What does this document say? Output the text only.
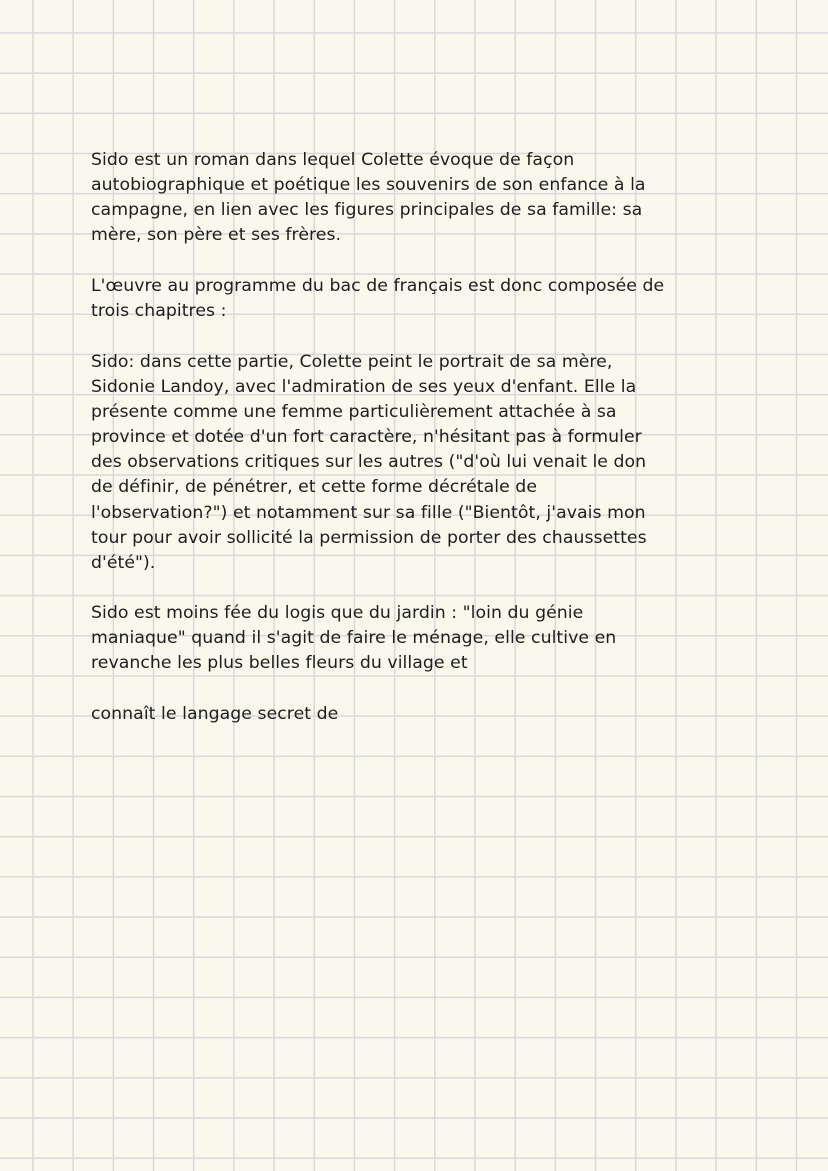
Sido est un roman dans lequel Colette évoque de façon
autobiographique et poétique les souvenirs de son enfance à la
campagne, en lien avec les figures principales de sa famille: sa
mère, son père et ses frères.
L'œuvre au programme du bac de français est donc composée de
trois chapitres :
Sido: dans cette partie, Colette peint le portrait de sa mère,
Sidonie Landoy, avec l'admiration de ses yeux d'enfant. Elle la
présente comme une femme particulièrement attachée à sa
province et dotée d'un fort caractère, n'hésitant pas à formuler
des observations critiques sur les autres ("d'où lui venait le don
de définir, de pénétrer, et cette forme décrétale de
l'observation?") et notamment sur sa fille ("Bientôt, j'avais mon
tour pour avoir sollicité la permission de porter des chaussettes
d'été").
Sido est moins fée du logis que du jardin : "loin du génie
maniaque" quand il s'agit de faire le ménage, elle cultive en
revanche les plus belles fleurs du village et
connaît le langage secret de
